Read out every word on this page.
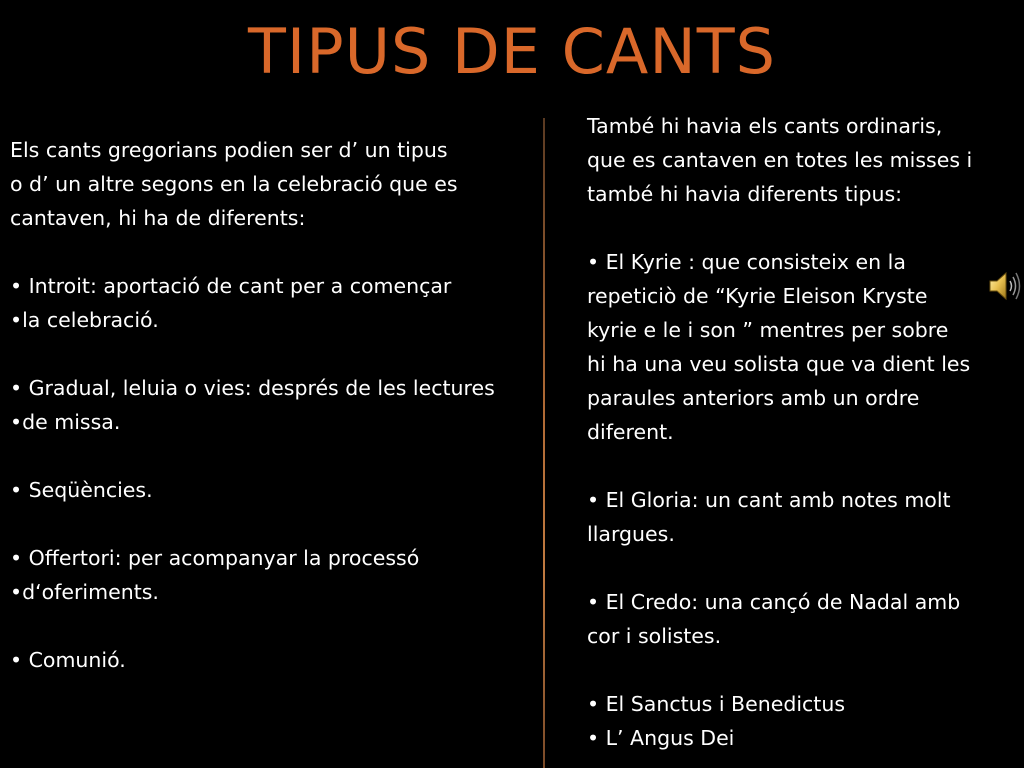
TIPUS DE CANTS
Els cants gregorians podien ser d’ un tipus
o d’ un altre segons en la celebració que es
cantaven, hi ha de diferents:
• Introit: aportació de cant per a començar
•la celebració.
• Gradual, leluia o vies: després de les lectures
•de missa.
• Seqüències.
• Offertori: per acompanyar la processó
•d‘oferiments.
• Comunió.
També hi havia els cants ordinaris,
que es cantaven en totes les misses i
també hi havia diferents tipus:
• El Kyrie : que consisteix en la
repeticiò de “Kyrie Eleison Kryste
kyrie e le i son ” mentres per sobre
hi ha una veu solista que va dient les
paraules anteriors amb un ordre
diferent.
• El Gloria: un cant amb notes molt
llargues.
• El Credo: una cançó de Nadal amb
cor i solistes.
• El Sanctus i Benedictus
• L’ Angus Dei
